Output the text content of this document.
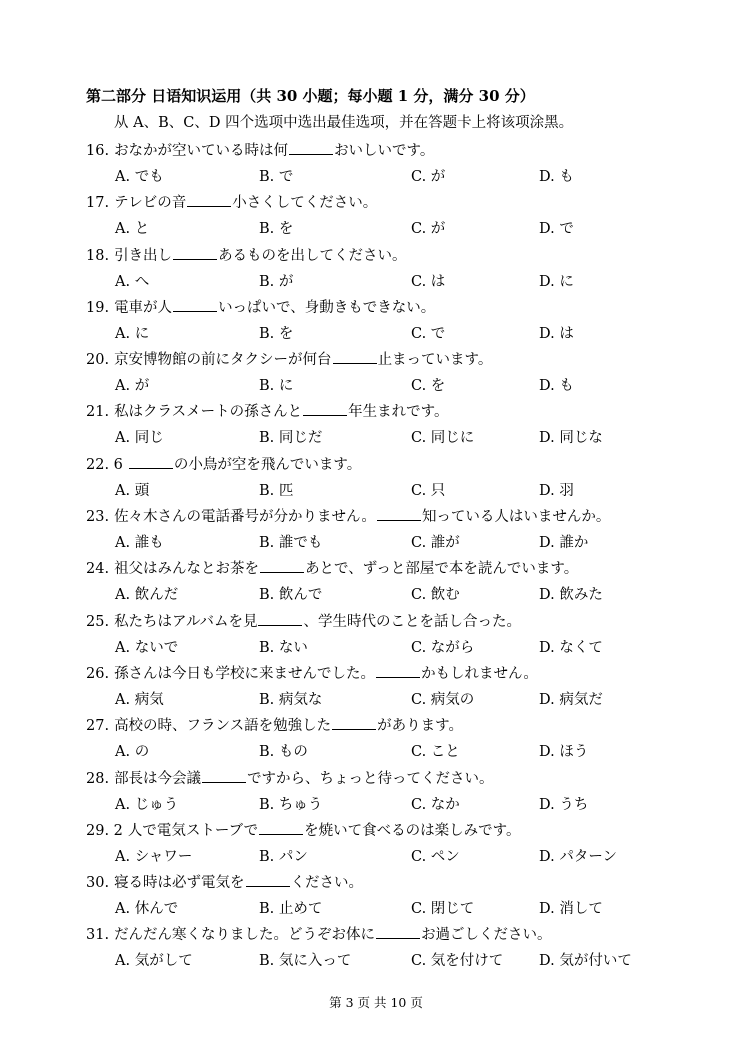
第二部分 日语知识运用（共 30 小题；每小题 1 分，满分 30 分）
从 A、B、C、D 四个选项中选出最佳选项，并在答题卡上将该项涂黑。
16. おなかが空いている時は何	おいしいです。
A. でも	B. で	C. が	D. も
17. テレビの音	小さくしてください。
A. と	B. を	C. が	D. で
18. 引き出し	あるものを出してください。
A. へ	B. が	C. は	D. に
19. 電車が人	いっぱいで、身動きもできない。
A. に	B. を	C. で	D. は
20. 京安博物館の前にタクシーが何台	止まっています。
A. が	B. に	C. を	D. も
21. 私はクラスメートの孫さんと	年生まれです。
A. 同じ	B. 同じだ	C. 同じに	D. 同じな
22. 6	の小鳥が空を飛んでいます。
A. 頭	B. 匹	C. 只	D. 羽
23. 佐々木さんの電話番号が分かりません。	知っている人はいませんか。
A. 誰も	B. 誰でも	C. 誰が	D. 誰か
24. 祖父はみんなとお茶を	あとで、ずっと部屋で本を読んでいます。
A. 飲んだ	B. 飲んで	C. 飲む	D. 飲みた
25. 私たちはアルバムを見	、学生時代のことを話し合った。
A. ないで	B. ない	C. ながら	D. なくて
26. 孫さんは今日も学校に来ませんでした。	かもしれません。
A. 病気	B. 病気な	C. 病気の	D. 病気だ
27. 高校の時、フランス語を勉強した	があります。
A. の	B. もの	C. こと	D. ほう
28. 部長は今会議	ですから、ちょっと待ってください。
A. じゅう	B. ちゅう	C. なか	D. うち
29. 2 人で電気ストーブで	を焼いて食べるのは楽しみです。
A. シャワー	B. パン	C. ペン	D. パターン
30. 寝る時は必ず電気を	ください。
A. 休んで	B. 止めて	C. 閉じて	D. 消して
31. だんだん寒くなりました。どうぞお体に	お過ごしください。
A. 気がして	B. 気に入って	C. 気を付けて D. 気が付いて
第 3 页 共 10 页
